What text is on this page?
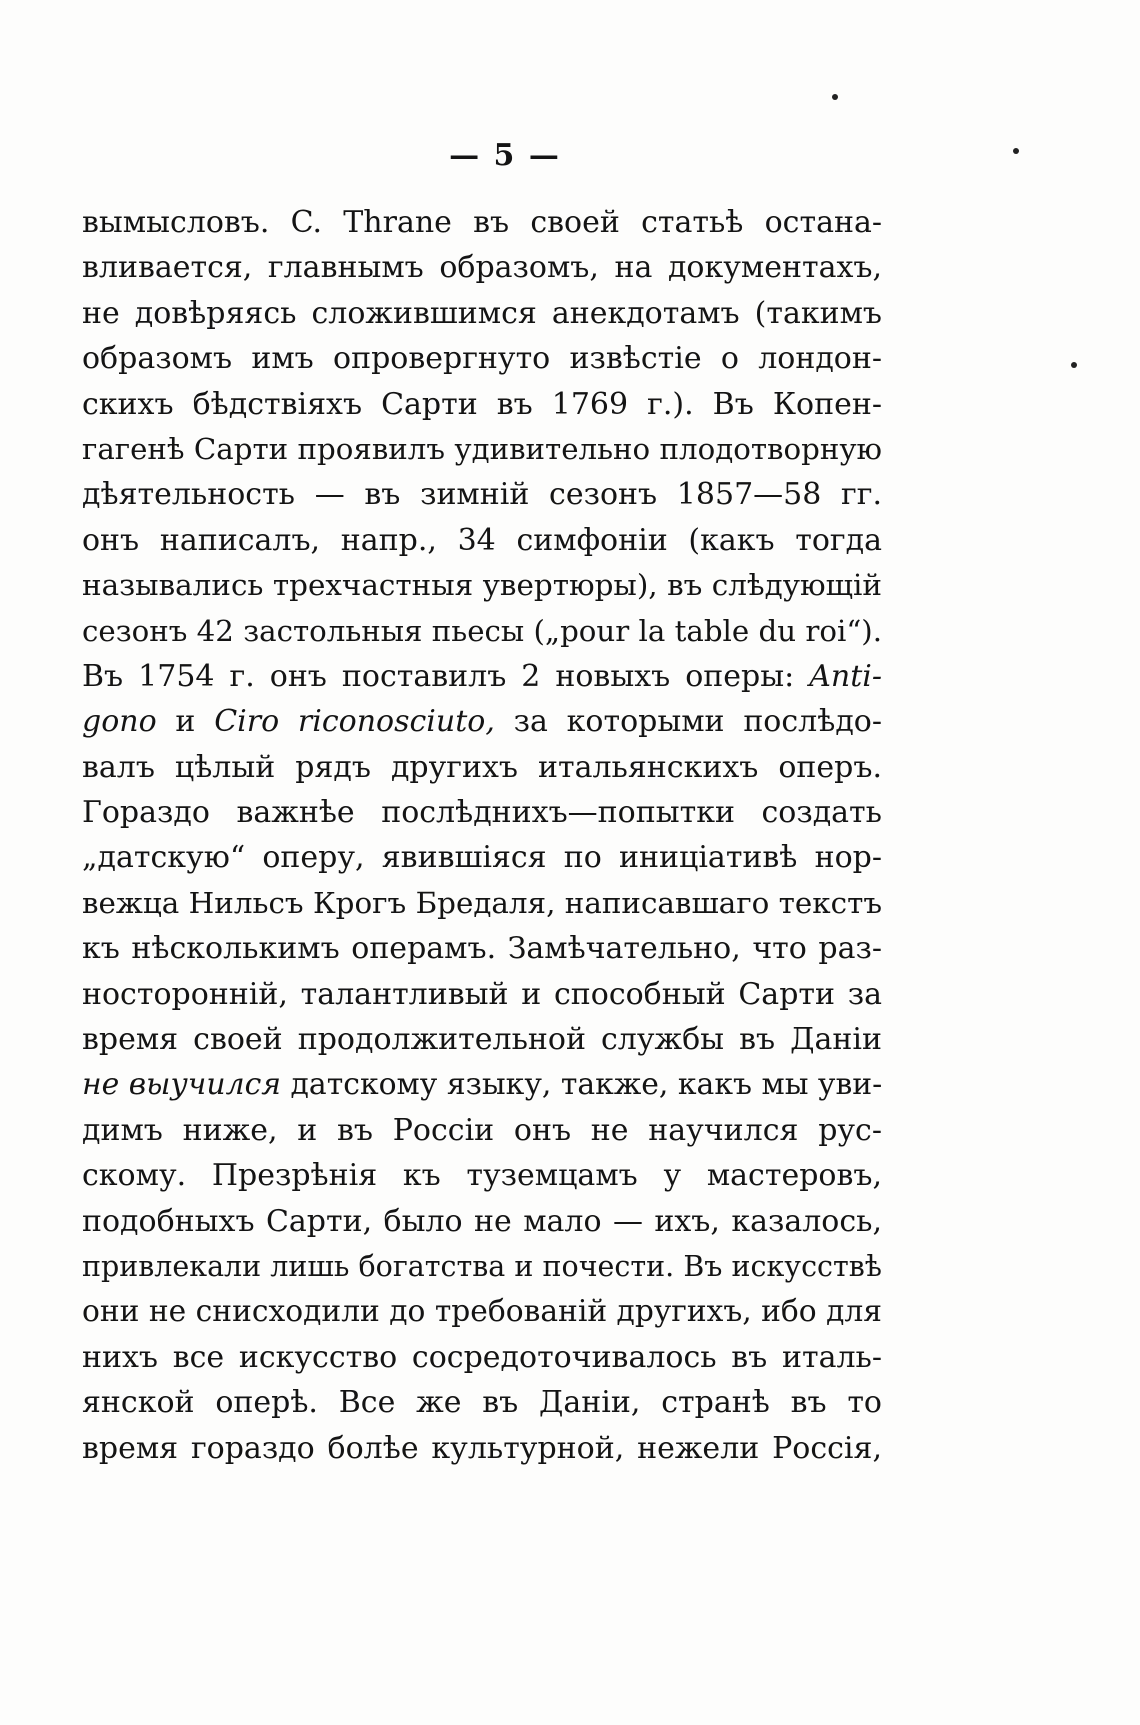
— 5 —
вымысловъ. C. Thrane въ своей статьѣ остана-
вливается, главнымъ образомъ, на документахъ,
не довѣряясь сложившимся анекдотамъ (такимъ
образомъ имъ опровергнуто извѣстіе о лондон-
скихъ бѣдствіяхъ Сарти въ 1769 г.). Въ Копен-
гагенѣ Сарти проявилъ удивительно плодотворную
дѣятельность — въ зимній сезонъ 1857—58 гг.
онъ написалъ, напр., 34 симфоніи (какъ тогда
назывались трехчастныя увертюры), въ слѣдующій
сезонъ 42 застольныя пьесы („pour la table du roi“).
Въ 1754 г. онъ поставилъ 2 новыхъ оперы: Anti-
gono и Ciro riconosciuto, за которыми послѣдо-
валъ цѣлый рядъ другихъ итальянскихъ оперъ.
Гораздо важнѣе послѣднихъ—попытки создать
„датскую“ оперу, явившіяся по иниціативѣ нор-
вежца Нильсъ Крогъ Бредаля, написавшаго текстъ
къ нѣсколькимъ операмъ. Замѣчательно, что раз-
носторонній, талантливый и способный Сарти за
время своей продолжительной службы въ Даніи
не выучился датскому языку, также, какъ мы уви-
димъ ниже, и въ Россіи онъ не научился рус-
скому. Презрѣнія къ туземцамъ у мастеровъ,
подобныхъ Сарти, было не мало — ихъ, казалось,
привлекали лишь богатства и почести. Въ искусствѣ
они не снисходили до требованій другихъ, ибо для
нихъ все искусство сосредоточивалось въ италь-
янской оперѣ. Все же въ Даніи, странѣ въ то
время гораздо болѣе культурной, нежели Россія,
